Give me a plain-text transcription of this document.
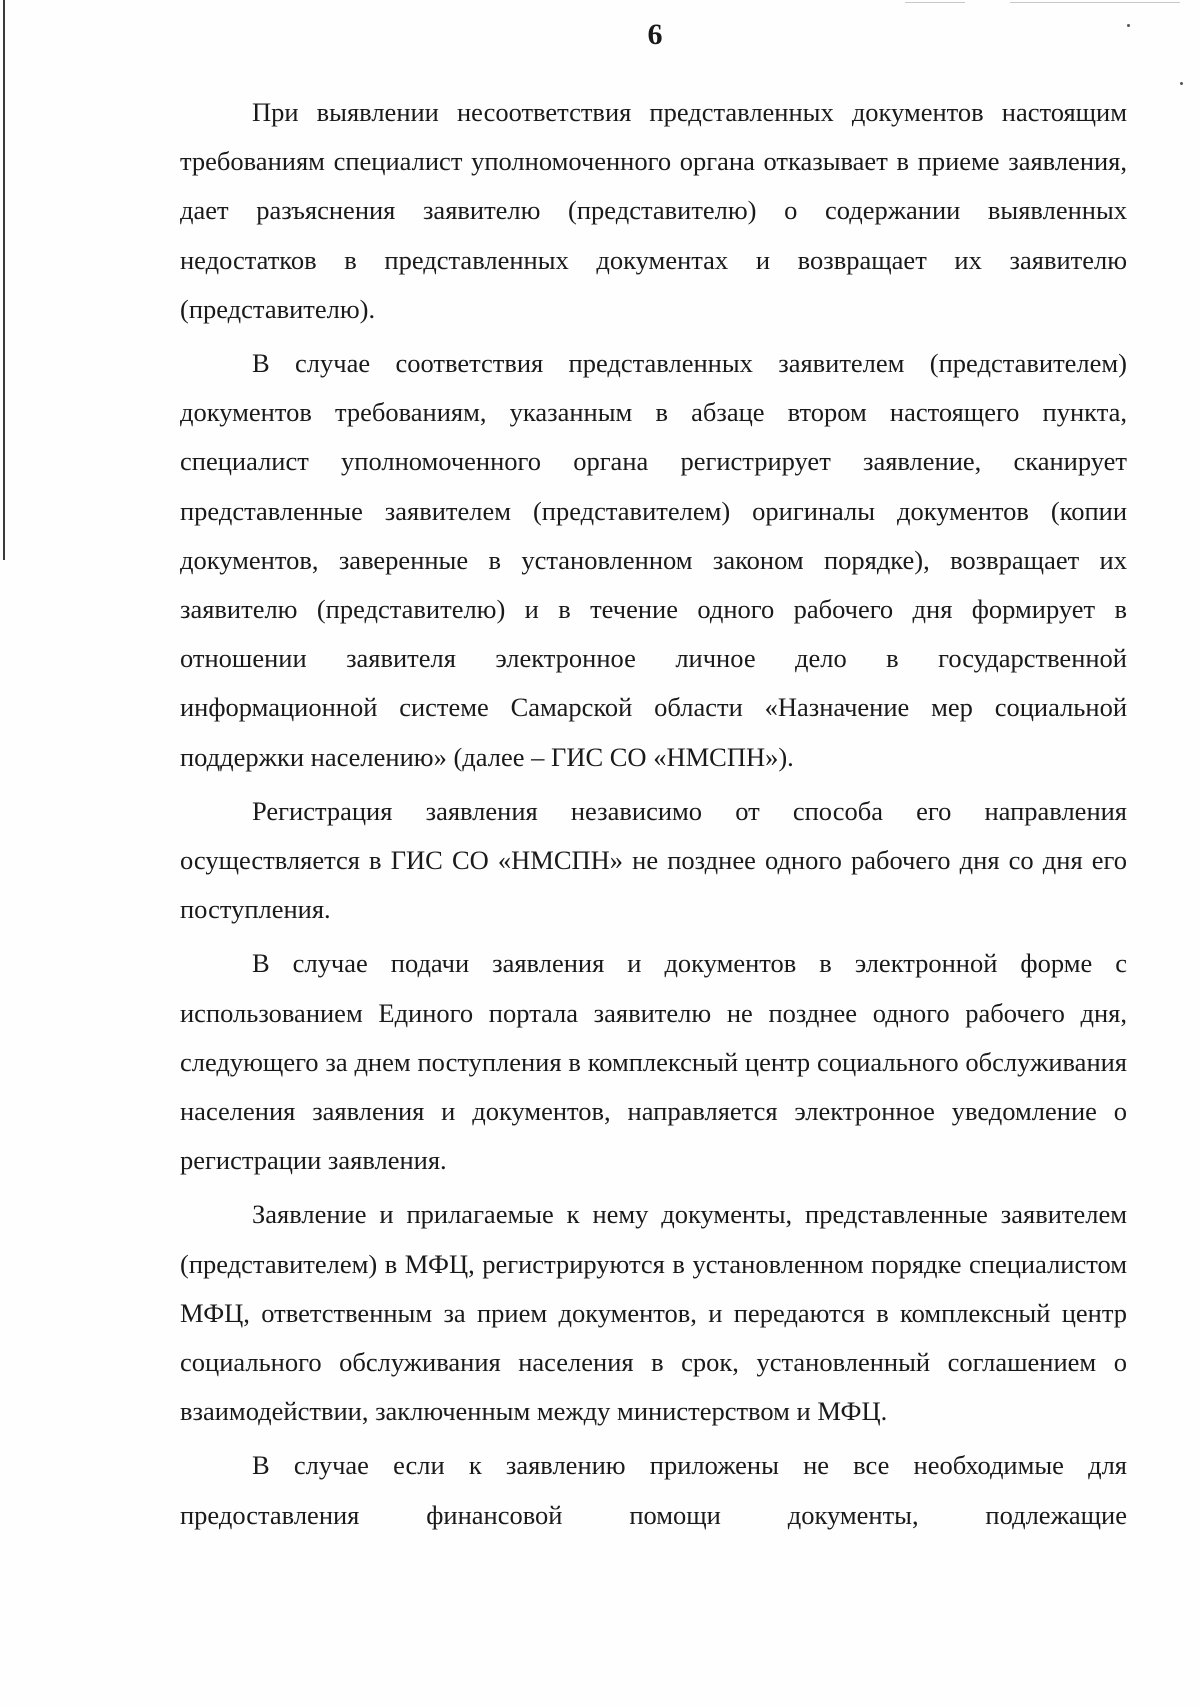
6

При выявлении несоответствия представленных документов настоящим требованиям специалист уполномоченного органа отказывает в приеме заявления, дает разъяснения заявителю (представителю) о содержании выявленных недостатков в представленных документах и возвращает их заявителю (представителю).

В случае соответствия представленных заявителем (представителем) документов требованиям, указанным в абзаце втором настоящего пункта, специалист уполномоченного органа регистрирует заявление, сканирует представленные заявителем (представителем) оригиналы документов (копии документов, заверенные в установленном законом порядке), возвращает их заявителю (представителю) и в течение одного рабочего дня формирует в отношении заявителя электронное личное дело в государственной информационной системе Самарской области «Назначение мер социальной поддержки населению» (далее – ГИС СО «НМСПН»).

Регистрация заявления независимо от способа его направления осуществляется в ГИС СО «НМСПН» не позднее одного рабочего дня со дня его поступления.

В случае подачи заявления и документов в электронной форме с использованием Единого портала заявителю не позднее одного рабочего дня, следующего за днем поступления в комплексный центр социального обслуживания населения заявления и документов, направляется электронное уведомление о регистрации заявления.

Заявление и прилагаемые к нему документы, представленные заявителем (представителем) в МФЦ, регистрируются в установленном порядке специалистом МФЦ, ответственным за прием документов, и передаются в комплексный центр социального обслуживания населения в срок, установленный соглашением о взаимодействии, заключенным между министерством и МФЦ.

В случае если к заявлению приложены не все необходимые для предоставления финансовой помощи документы, подлежащие
